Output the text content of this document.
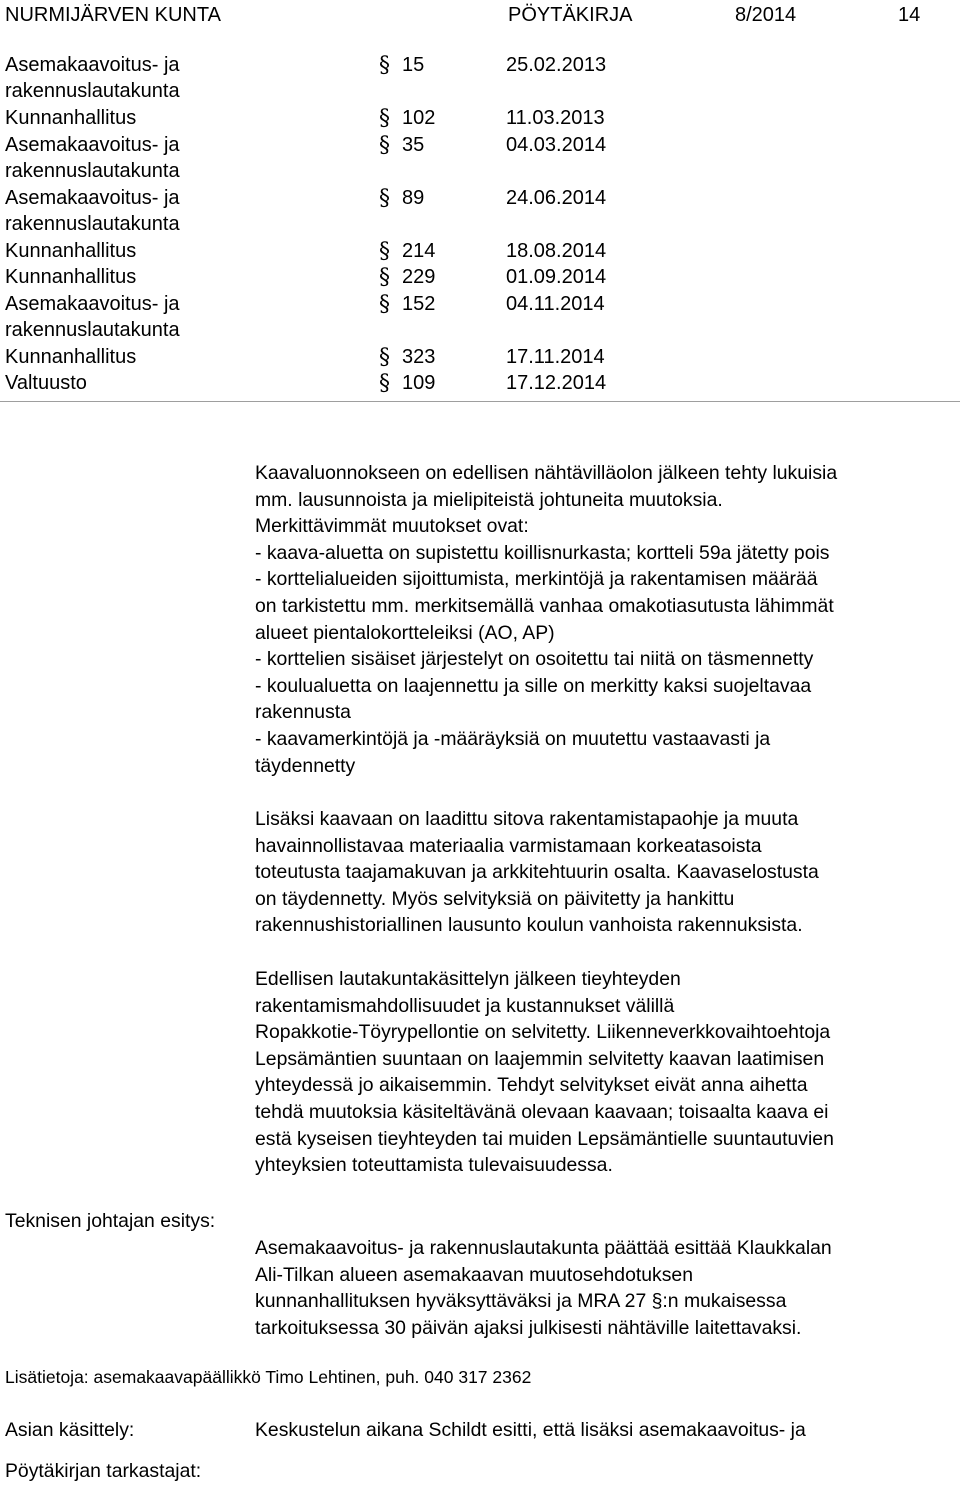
NURMIJÄRVEN KUNTA	PÖYTÄKIRJA	8/2014	14
Asemakaavoitus- ja
rakennuslautakunta
§ 15	25.02.2013
Kunnanhallitus	§ 102	11.03.2013
Asemakaavoitus- ja
rakennuslautakunta
§ 35	04.03.2014
Asemakaavoitus- ja
rakennuslautakunta
§ 89	24.06.2014
Kunnanhallitus	§ 214	18.08.2014
Kunnanhallitus	§ 229	01.09.2014
Asemakaavoitus- ja
rakennuslautakunta
§ 152	04.11.2014
Kunnanhallitus	§ 323	17.11.2014
Valtuusto	§ 109	17.12.2014

Kaavaluonnokseen on edellisen nähtävilläolon jälkeen tehty lukuisia

mm. lausunnoista ja mielipiteistä johtuneita muutoksia.

Merkittävimmät muutokset ovat:

- kaava-aluetta on supistettu koillisnurkasta; kortteli 59a jätetty pois

- korttelialueiden sijoittumista, merkintöjä ja rakentamisen määrää

on tarkistettu mm. merkitsemällä vanhaa omakotiasutusta lähimmät

alueet pientalokortteleiksi (AO, AP)

- korttelien sisäiset järjestelyt on osoitettu tai niitä on täsmennetty

- koulualuetta on laajennettu ja sille on merkitty kaksi suojeltavaa

rakennusta

- kaavamerkintöjä ja -määräyksiä on muutettu vastaavasti ja

täydennetty

Lisäksi kaavaan on laadittu sitova rakentamistapaohje ja muuta

havainnollistavaa materiaalia varmistamaan korkeatasoista

toteutusta taajamakuvan ja arkkitehtuurin osalta. Kaavaselostusta

on täydennetty. Myös selvityksiä on päivitetty ja hankittu

rakennushistoriallinen lausunto koulun vanhoista rakennuksista.

Edellisen lautakuntakäsittelyn jälkeen tieyhteyden

rakentamismahdollisuudet ja kustannukset välillä

Ropakkotie-Töyrypellontie on selvitetty. Liikenneverkkovaihtoehtoja

Lepsämäntien suuntaan on laajemmin selvitetty kaavan laatimisen

yhteydessä jo aikaisemmin. Tehdyt selvitykset eivät anna aihetta

tehdä muutoksia käsiteltävänä olevaan kaavaan; toisaalta kaava ei

estä kyseisen tieyhteyden tai muiden Lepsämäntielle suuntautuvien

yhteyksien toteuttamista tulevaisuudessa.

Teknisen johtajan esitys:

Asemakaavoitus- ja rakennuslautakunta päättää esittää Klaukkalan

Ali-Tilkan alueen asemakaavan muutosehdotuksen

kunnanhallituksen hyväksyttäväksi ja MRA 27 §:n mukaisessa

tarkoituksessa 30 päivän ajaksi julkisesti nähtäville laitettavaksi.

Lisätietoja: asemakaavapäällikkö Timo Lehtinen, puh. 040 317 2362
Asian käsittely:	Keskustelun aikana Schildt esitti, että lisäksi asemakaavoitus- ja
Pöytäkirjan tarkastajat:
